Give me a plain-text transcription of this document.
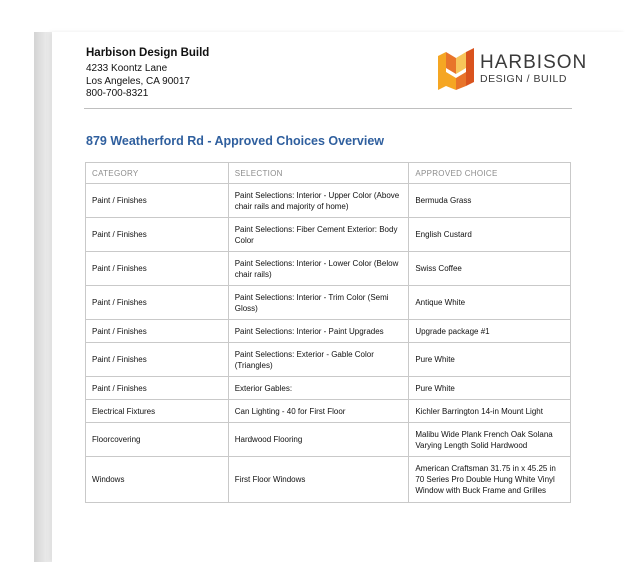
Harbison Design Build
4233 Koontz Lane
Los Angeles, CA 90017
800-700-8321
HARBISON
DESIGN / BUILD
879 Weatherford Rd - Approved Choices Overview
CATEGORY	SELECTION	APPROVED CHOICE
Paint / Finishes	Paint Selections: Interior - Upper Color (Above chair rails and majority of home)	Bermuda Grass
Paint / Finishes	Paint Selections: Fiber Cement Exterior: Body Color	English Custard
Paint / Finishes	Paint Selections: Interior - Lower Color (Below chair rails)	Swiss Coffee
Paint / Finishes	Paint Selections: Interior - Trim Color (Semi Gloss)	Antique White
Paint / Finishes	Paint Selections: Interior - Paint Upgrades	Upgrade package #1
Paint / Finishes	Paint Selections: Exterior - Gable Color (Triangles)	Pure White
Paint / Finishes	Exterior Gables:	Pure White
Electrical Fixtures	Can Lighting - 40 for First Floor	Kichler Barrington 14-in Mount Light
Floorcovering	Hardwood Flooring	Malibu Wide Plank French Oak Solana Varying Length Solid Hardwood
Windows	First Floor Windows	American Craftsman 31.75 in x 45.25 in 70 Series Pro Double Hung White Vinyl Window with Buck Frame and Grilles
